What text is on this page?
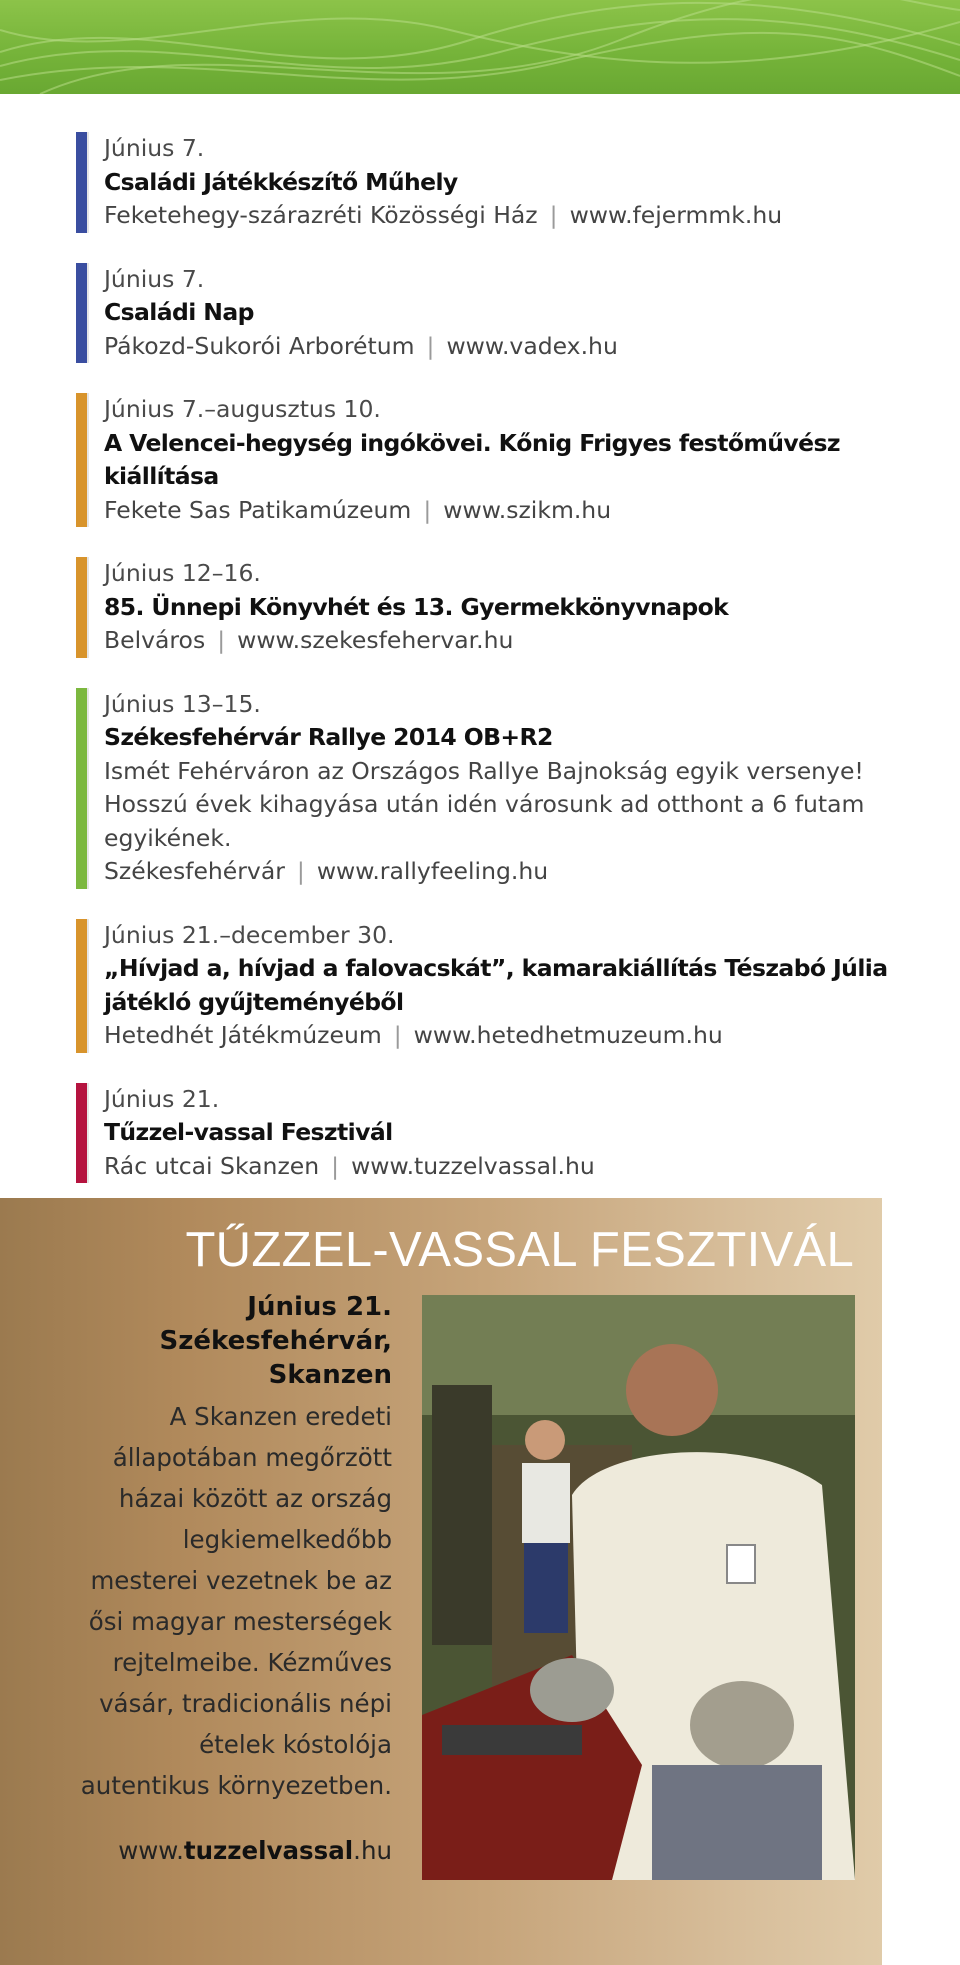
Június 7.
Családi Játékkészítő Műhely
Feketehegy-szárazréti Közösségi Ház | www.fejermmk.hu
Június 7.
Családi Nap
Pákozd-Sukorói Arborétum | www.vadex.hu
Június 7.–augusztus 10.
A Velencei-hegység ingókövei. Kőnig Frigyes festőművész kiállítása
Fekete Sas Patikamúzeum | www.szikm.hu
Június 12–16.
85. Ünnepi Könyvhét és 13. Gyermekkönyvnapok
Belváros | www.szekesfehervar.hu
Június 13–15.
Székesfehérvár Rallye 2014 OB+R2
Ismét Fehérváron az Országos Rallye Bajnokság egyik versenye!
Hosszú évek kihagyása után idén városunk ad otthont a 6 futam
egyikének.
Székesfehérvár | www.rallyfeeling.hu
Június 21.–december 30.
„Hívjad a, hívjad a falovacskát”, kamarakiállítás Tészabó Júlia
játékló gyűjteményéből
Hetedhét Játékmúzeum | www.hetedhetmuzeum.hu
Június 21.
Tűzzel-vassal Fesztivál
Rác utcai Skanzen | www.tuzzelvassal.hu
TŰZZEL-VASSAL FESZTIVÁL
Június 21.
Székesfehérvár,
Skanzen
A Skanzen eredeti
állapotában megőrzött
házai között az ország
legkiemelkedőbb
mesterei vezetnek be az
ősi magyar mesterségek
rejtelmeibe. Kézműves
vásár, tradicionális népi
ételek kóstolója
autentikus környezetben.
www.tuzzelvassal.hu
